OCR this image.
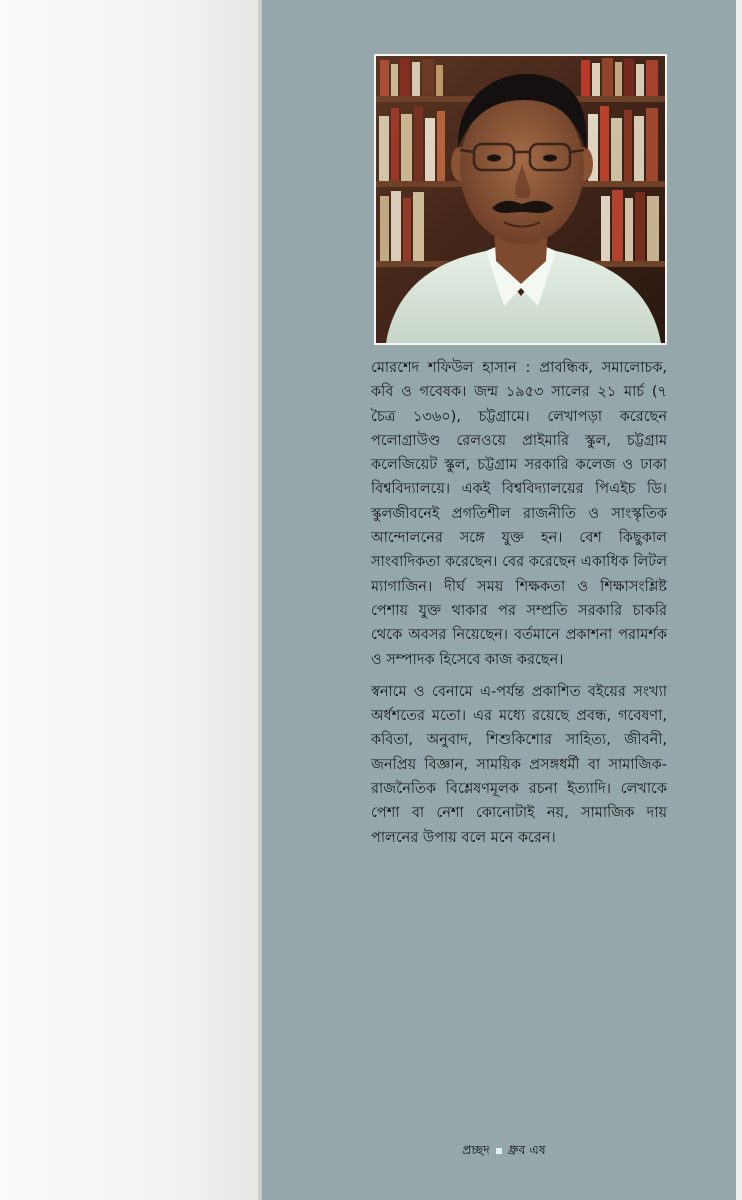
মোরশেদ শফিউল হাসান : প্রাবন্ধিক, সমালোচক, কবি ও গবেষক। জন্ম ১৯৫৩ সালের ২১ মার্চ (৭ চৈত্র ১৩৬০), চট্টগ্রামে। লেখাপড়া করেছেন পলোগ্রাউণ্ড রেলওয়ে প্রাইমারি স্কুল, চট্টগ্রাম কলেজিয়েট স্কুল, চট্টগ্রাম সরকারি কলেজ ও ঢাকা বিশ্ববিদ্যালয়ে। একই বিশ্ববিদ্যালয়ের পিএইচ ডি। স্কুলজীবনেই প্রগতিশীল রাজনীতি ও সাংস্কৃতিক আন্দোলনের সঙ্গে যুক্ত হন। বেশ কিছুকাল সাংবাদিকতা করেছেন। বের করেছেন একাধিক লিটল ম্যাগাজিন। দীর্ঘ সময় শিক্ষকতা ও শিক্ষাসংশ্লিষ্ট পেশায় যুক্ত থাকার পর সম্প্রতি সরকারি চাকরি থেকে অবসর নিয়েছেন। বর্তমানে প্রকাশনা পরামর্শক ও সম্পাদক হিসেবে কাজ করছেন।

স্বনামে ও বেনামে এ-পর্যন্ত প্রকাশিত বইয়ের সংখ্যা অর্ধশতের মতো। এর মধ্যে রয়েছে প্রবন্ধ, গবেষণা, কবিতা, অনুবাদ, শিশুকিশোর সাহিত্য, জীবনী, জনপ্রিয় বিজ্ঞান, সাময়িক প্রসঙ্গধর্মী বা সামাজিক-রাজনৈতিক বিশ্লেষণমূলক রচনা ইত্যাদি। লেখাকে পেশা বা নেশা কোনোটাই নয়, সামাজিক দায় পালনের উপায় বলে মনে করেন।

প্রচ্ছদ ধ্রুব এষ
